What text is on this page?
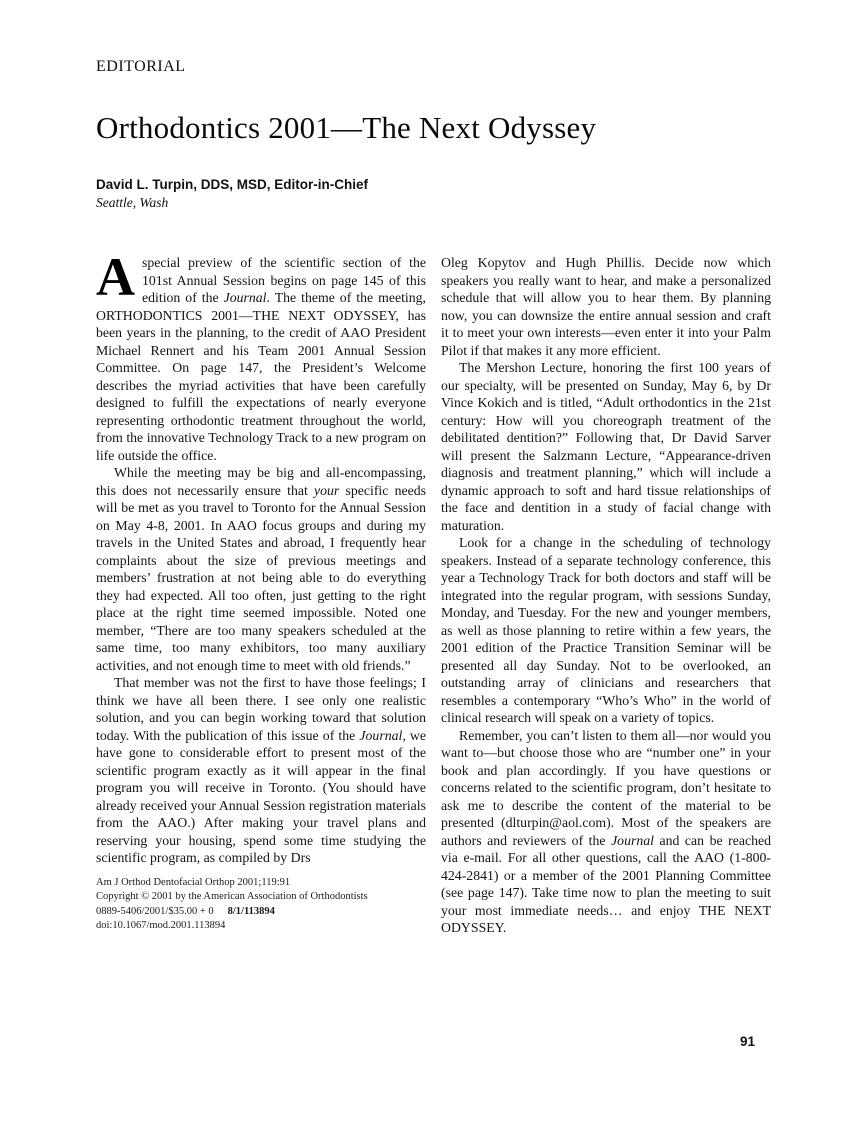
EDITORIAL
Orthodontics 2001—The Next Odyssey
David L. Turpin, DDS, MSD, Editor-in-Chief
Seattle, Wash

Aspecial preview of the scientific section of the 101st Annual Session begins on page 145 of this edition of the Journal. The theme of the meeting, ORTHODONTICS 2001—THE NEXT ODYSSEY, has been years in the planning, to the credit of AAO President Michael Rennert and his Team 2001 Annual Session Committee. On page 147, the President’s Welcome describes the myriad activities that have been carefully designed to fulfill the expectations of nearly everyone representing orthodontic treatment throughout the world, from the innovative Technology Track to a new program on life outside the office.

While the meeting may be big and all-encompassing, this does not necessarily ensure that your specific needs will be met as you travel to Toronto for the Annual Session on May 4-8, 2001. In AAO focus groups and during my travels in the United States and abroad, I frequently hear complaints about the size of previous meetings and members’ frustration at not being able to do everything they had expected. All too often, just getting to the right place at the right time seemed impossible. Noted one member, “There are too many speakers scheduled at the same time, too many exhibitors, too many auxiliary activities, and not enough time to meet with old friends.”

That member was not the first to have those feelings; I think we have all been there. I see only one realistic solution, and you can begin working toward that solution today. With the publication of this issue of the Journal, we have gone to considerable effort to present most of the scientific program exactly as it will appear in the final program you will receive in Toronto. (You should have already received your Annual Session registration materials from the AAO.) After making your travel plans and reserving your housing, spend some time studying the scientific program, as compiled by Drs

Am J Orthod Dentofacial Orthop 2001;119:91
Copyright © 2001 by the American Association of Orthodontists
0889-5406/2001/$35.00 + 0 8/1/113894
doi:10.1067/mod.2001.113894

Oleg Kopytov and Hugh Phillis. Decide now which speakers you really want to hear, and make a personalized schedule that will allow you to hear them. By planning now, you can downsize the entire annual session and craft it to meet your own interests—even enter it into your Palm Pilot if that makes it any more efficient.

The Mershon Lecture, honoring the first 100 years of our specialty, will be presented on Sunday, May 6, by Dr Vince Kokich and is titled, “Adult orthodontics in the 21st century: How will you choreograph treatment of the debilitated dentition?” Following that, Dr David Sarver will present the Salzmann Lecture, “Appearance-driven diagnosis and treatment planning,” which will include a dynamic approach to soft and hard tissue relationships of the face and dentition in a study of facial change with maturation.

Look for a change in the scheduling of technology speakers. Instead of a separate technology conference, this year a Technology Track for both doctors and staff will be integrated into the regular program, with sessions Sunday, Monday, and Tuesday. For the new and younger members, as well as those planning to retire within a few years, the 2001 edition of the Practice Transition Seminar will be presented all day Sunday. Not to be overlooked, an outstanding array of clinicians and researchers that resembles a contemporary “Who’s Who” in the world of clinical research will speak on a variety of topics.

Remember, you can’t listen to them all—nor would you want to—but choose those who are “number one” in your book and plan accordingly. If you have questions or concerns related to the scientific program, don’t hesitate to ask me to describe the content of the material to be presented (dlturpin@aol.com). Most of the speakers are authors and reviewers of the Journal and can be reached via e-mail. For all other questions, call the AAO (1-800-424-2841) or a member of the 2001 Planning Committee (see page 147). Take time now to plan the meeting to suit your most immediate needs… and enjoy THE NEXT ODYSSEY.

91
